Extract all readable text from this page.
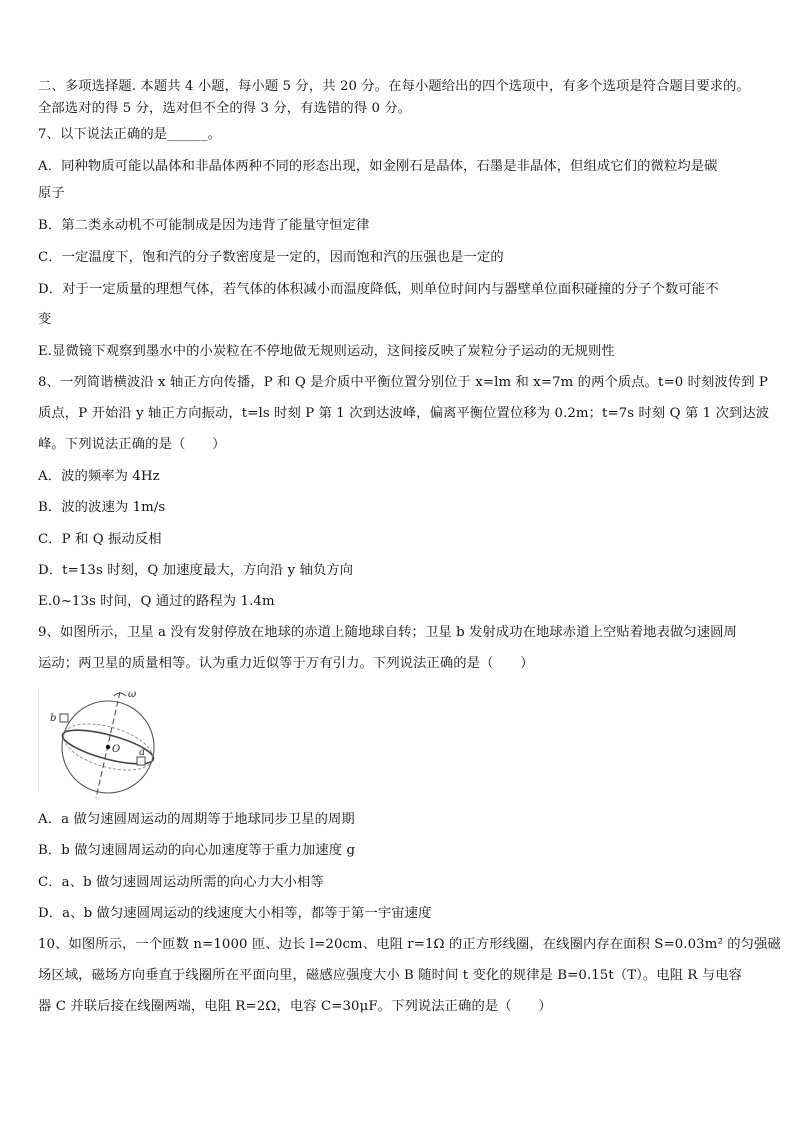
二、多项选择题. 本题共 4 小题，每小题 5 分，共 20 分。在每小题给出的四个选项中，有多个选项是符合题目要求的。
全部选对的得 5 分，选对但不全的得 3 分，有选错的得 0 分。
7、以下说法正确的是______。
A．同种物质可能以晶体和非晶体两种不同的形态出现，如金刚石是晶体，石墨是非晶体，但组成它们的微粒均是碳
原子
B．第二类永动机不可能制成是因为违背了能量守恒定律
C．一定温度下，饱和汽的分子数密度是一定的，因而饱和汽的压强也是一定的
D．对于一定质量的理想气体，若气体的体积减小而温度降低，则单位时间内与器壁单位面积碰撞的分子个数可能不
变
E.显微镜下观察到墨水中的小炭粒在不停地做无规则运动，这间接反映了炭粒分子运动的无规则性
8、一列简谐横波沿 x 轴正方向传播，P 和 Q 是介质中平衡位置分别位于 x=lm 和 x=7m 的两个质点。t=0 时刻波传到 P
质点，P 开始沿 y 轴正方向振动，t=ls 时刻 P 第 1 次到达波峰，偏离平衡位置位移为 0.2m；t=7s 时刻 Q 第 1 次到达波
峰。下列说法正确的是（　　）
A．波的频率为 4Hz
B．波的波速为 1m/s
C．P 和 Q 振动反相
D．t=13s 时刻，Q 加速度最大，方向沿 y 轴负方向
E.0~13s 时间，Q 通过的路程为 1.4m
9、如图所示，卫星 a 没有发射停放在地球的赤道上随地球自转；卫星 b 发射成功在地球赤道上空贴着地表做匀速圆周
运动；两卫星的质量相等。认为重力近似等于万有引力。下列说法正确的是（　　）
b
O a
ω
A．a 做匀速圆周运动的周期等于地球同步卫星的周期
B．b 做匀速圆周运动的向心加速度等于重力加速度 g
C．a、b 做匀速圆周运动所需的向心力大小相等
D．a、b 做匀速圆周运动的线速度大小相等，都等于第一宇宙速度
10、如图所示，一个匝数 n=1000 匝、边长 l=20cm、电阻 r=1Ω 的正方形线圈，在线圈内存在面积 S=0.03m² 的匀强磁
场区域，磁场方向垂直于线圈所在平面向里，磁感应强度大小 B 随时间 t 变化的规律是 B=0.15t（T）。电阻 R 与电容
器 C 并联后接在线圈两端，电阻 R=2Ω，电容 C=30μF。下列说法正确的是（　　）
